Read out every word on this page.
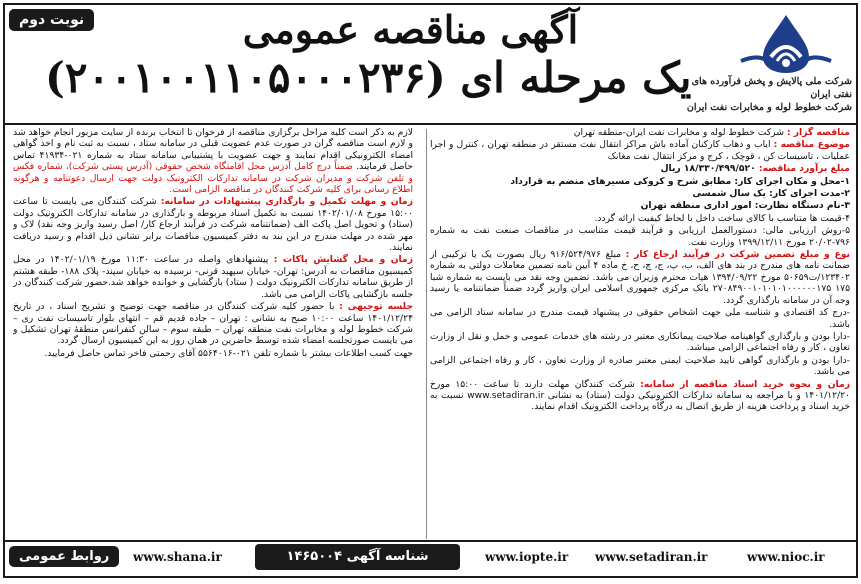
نوبت دوم	آگهی مناقصه عمومی
یک مرحله ای (۲۰۰۱۰۰۱۱۰۵۰۰۰۲۳۶) شرکت ملی پالایش و پخش فرآورده های نفتی ایران
شرکت خطوط لوله و مخابرات نفت ایران

مناقصه گزار : شرکت خطوط لوله و مخابرات نفت ایران-منطقه تهران

موضوع مناقصه : ایاب و ذهاب کارکنان آماده باش مراکز انتقال نفت مستقر در منطقه تهران ، کنترل و اجرا عملیات ، تاسیسات کن ، قوچک ، کرج و مرکز انتقال نفت مغانک

مبلغ برآورد مناقصه: ۱۸/۳۳۰/۴۹۹/۵۲۰ ریال

۱-محل و مکان اجرای کار: مطابق شرح و کروکی مسیرهای منضم به قرارداد

۲-مدت اجرای کار: یک سال شمسی

۳-نام دستگاه نظارت: امور اداری منطقه تهران

۴-قیمت ها متناسب با کالای ساخت داخل با لحاظ کیفیت ارائه گردد.

۵-روش ارزیابی مالی: دستورالعمل ارزیابی و فرآیند قیمت متناسب در مناقصات صنعت نفت به شماره ۷۹۶-۲۰/۰۲ مورخ ۱۳۹۹/۱۲/۱۱ وزارت نفت.

نوع و مبلغ تضمین شرکت در فرآیند ارجاع کار : مبلغ ۹۱۶/۵۲۴/۹۷۶ ریال بصورت یک یا ترکیبی از ضمانت نامه های مندرج در بند های الف، ب، پ، ج، چ، ح، خ ماده ۴ آیین نامه تضمین معاملات دولتی به شماره ۱۲۳۴۰۲/ت۵۰۶۵۹ مورخ ۱۳۹۴/۰۹/۲۲ هیات محترم وزیران می باشد. تضمین وجه نقد می بایست به شماره شبا ۱۷۵ ۲۷۰۸۴۹۰۰۱۰۱۰۱۰۱۰۰۰۰۰۰۱۷۵ بانک مرکزی جمهوری اسلامی ایران واریز گردد ضمناً ضمانتنامه یا رسید وجه آن در سامانه بارگذاری گردد.

-درج کد اقتصادی و شناسه ملی جهت اشخاص حقوقی در پیشنهاد قیمت مندرج در سامانه ستاد الزامی می باشد.

-دارا بودن و بارگذاری گواهینامه صلاحیت پیمانکاری معتبر در رشته های خدمات عمومی و حمل و نقل از وزارت تعاون ، کار و رفاه اجتماعی الزامی میباشد.

-دارا بودن و بارگذاری گواهی تایید صلاحیت ایمنی معتبر صادره از وزارت تعاون ، کار و رفاه اجتماعی الزامی می باشد.

زمان و نحوه خرید اسناد مناقصه از سامانه: شرکت کنندگان مهلت دارند تا ساعت ۱۵:۰۰ مورخ ۱۴۰۱/۱۲/۲۰ و با مراجعه به سامانه تدارکات الکترونیکی دولت (ستاد) به نشانی www.setadiran.ir نسبت به خرید اسناد و پرداخت هزینه از طریق اتصال به درگاه پرداخت الکترونیک اقدام نمایند.

لازم به ذکر است کلیه مراحل برگزاری مناقصه از فرخوان تا انتخاب برنده از سایت مزبور انجام خواهد شد و لازم است مناقصه گران در صورت عدم عضویت قبلی در سامانه ستاد ، نسبت به ثبت نام و اخذ گواهی امضاء الکترونیکی اقدام نمایند و جهت عضویت با پشتیبانی سامانه ستاد به شماره ۰۲۱-۴۱۹۳۴ تماس حاصل فرمایند. ضمناً درج کامل آدرس محل اقامتگاه شخص حقوقی (آدرس پستی شرکت)، شماره فکس و تلفن شرکت و مدیران شرکت در سامانه تدارکات الکترونیک دولت جهت ارسال دعوتنامه و هرگونه اطلاع رسانی برای کلیه شرکت کنندگان در مناقصه الزامی است.

زمان و مهلت تکمیل و بارگذاری پیشنهادات در سامانه: شرکت کنندگان می بایست تا ساعت ۱۵:۰۰ مورخ ۱۴۰۲/۰۱/۰۸ نسبت به تکمیل اسناد مربوطه و بارگذاری در سامانه تدارکات الکترونیک دولت (ستاد) و تحویل اصل پاکت الف (ضمانتنامه شرکت در فرآیند ارجاع کار/ اصل رسید واریز وجه نقد) لاک و مهر شده در مهلت مندرج در این بند به دفتر کمیسیون مناقصات برابر نشانی ذیل اقدام و رسید دریافت نمایند.

زمان و محل گشایش پاکات : پیشنهادهای واصله در ساعت ۱۱:۳۰ مورخ ۱۴۰۲/۰۱/۱۹ در محل کمیسیون مناقصات به آدرس: تهران- خیابان سپهبد قرنی- نرسیده به خیابان سپند- پلاک ۱۸۸- طبقه هشتم از طریق سامانه تدارکات الکترونیک دولت ( ستاد) بازگشایی و خوانده خواهد شد.حضور شرکت کنندگان در جلسه بازگشایی پاکات الزامی می باشد.

جلسه توجیهی : با حضور کلیه شرکت کنندگان در مناقصه جهت توضیح و تشریح اسناد ، در تاریخ ۱۴۰۱/۱۲/۲۴ ساعت ۱۰:۰۰ صبح به نشانی : تهران – جاده قدیم قم – انتهای بلوار تاسیسات نفت ری – شرکت خطوط لوله و مخابرات نفت منطقه تهران – طبقه سوم – سالن کنفرانس منطقهٔ تهران تشکیل و می بایست صورتجلسه امضاء شده توسط حاضرین در همان روز به این کمیسیون ارسال گردد.

جهت کسب اطلاعات بیشتر با شماره تلفن ۰۲۱-۵۵۶۴۰۱۶ آقای رحمتی فاخر تماس حاصل فرمایید.

روابط عمومی	www.shana.ir	www.iopte.ir www.setadiran.ir	www.nioc.ir
شناسه آگهی ۱۴۶۵۰۰۴
